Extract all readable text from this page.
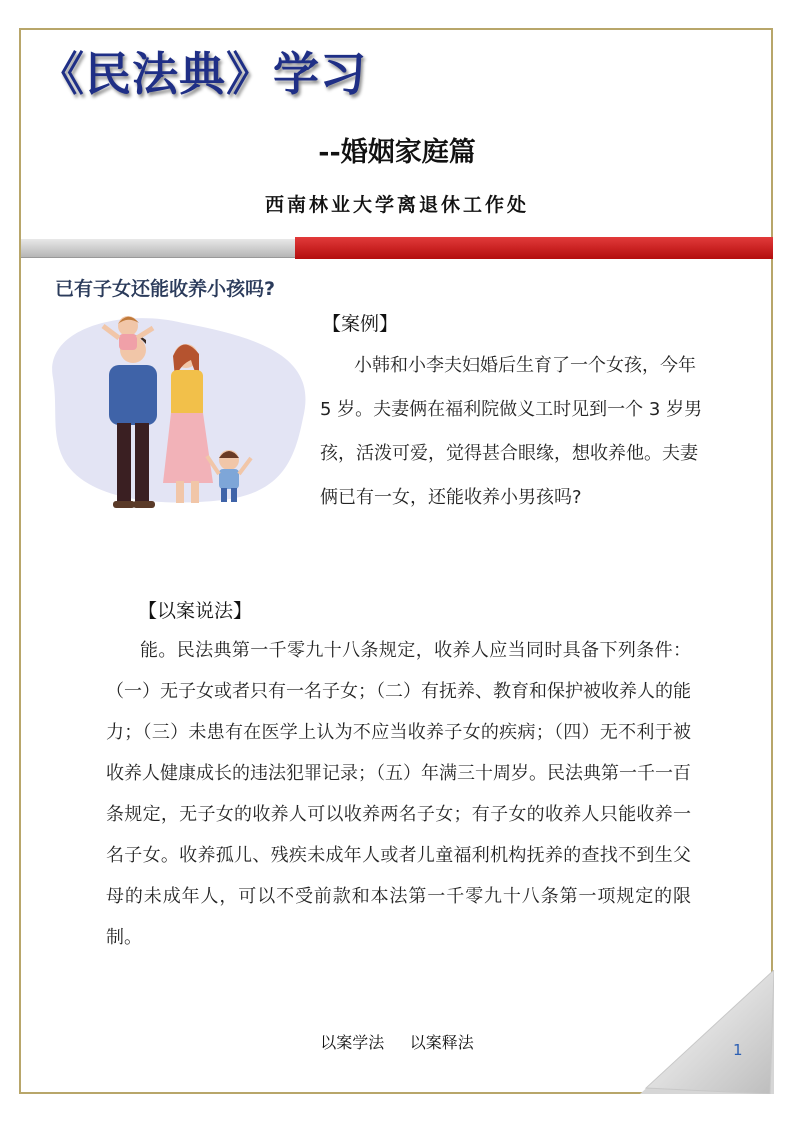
《民法典》学习
--婚姻家庭篇
西南林业大学离退休工作处
已有子女还能收养小孩吗?
【案例】

小韩和小李夫妇婚后生育了一个女孩，今年 5 岁。夫妻俩在福利院做义工时见到一个 3 岁男孩，活泼可爱，觉得甚合眼缘，想收养他。夫妻俩已有一女，还能收养小男孩吗?

【以案说法】

能。民法典第一千零九十八条规定，收养人应当同时具备下列条件：（一）无子女或者只有一名子女；（二）有抚养、教育和保护被收养人的能力；（三）未患有在医学上认为不应当收养子女的疾病；（四）无不利于被收养人健康成长的违法犯罪记录；（五）年满三十周岁。民法典第一千一百条规定，无子女的收养人可以收养两名子女；有子女的收养人只能收养一名子女。收养孤儿、残疾未成年人或者儿童福利机构抚养的查找不到生父母的未成年人，可以不受前款和本法第一千零九十八条第一项规定的限制。

以案学法     以案释法	1
